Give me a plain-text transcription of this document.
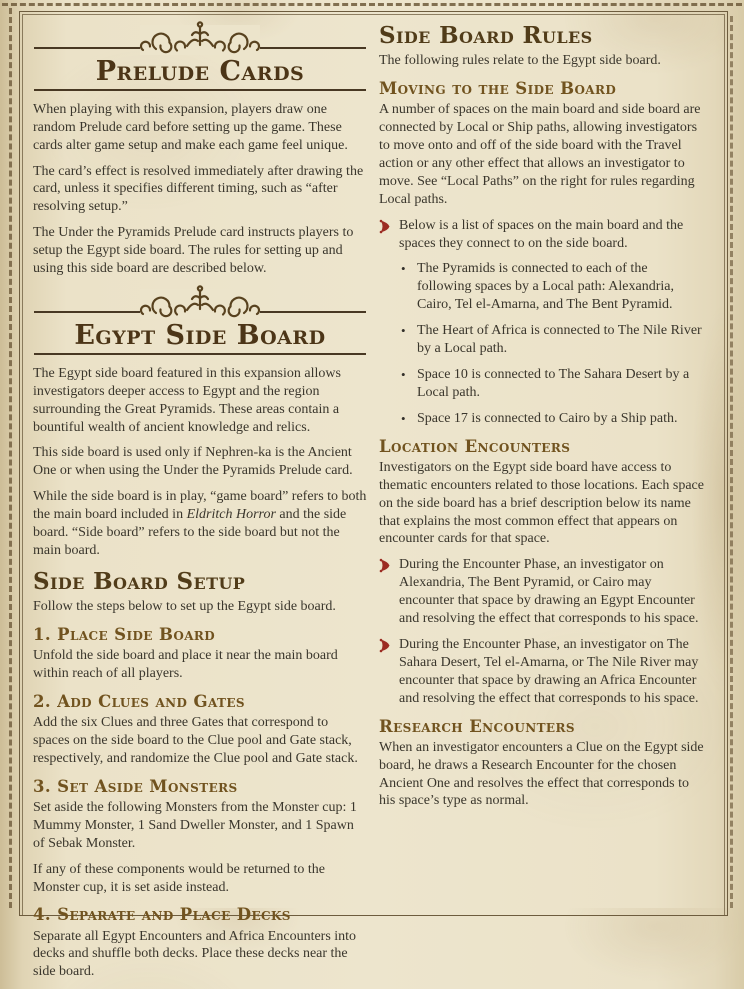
Prelude Cards

When playing with this expansion, players draw one random Prelude card before setting up the game. These cards alter game setup and make each game feel unique.

The card’s effect is resolved immediately after drawing the card, unless it specifies different timing, such as “after resolving setup.”

The Under the Pyramids Prelude card instructs players to setup the Egypt side board. The rules for setting up and using this side board are described below.

Egypt Side Board

The Egypt side board featured in this expansion allows investigators deeper access to Egypt and the region surrounding the Great Pyramids. These areas contain a bountiful wealth of ancient knowledge and relics.

This side board is used only if Nephren-ka is the Ancient One or when using the Under the Pyramids Prelude card.

While the side board is in play, “game board” refers to both the main board included in Eldritch Horror and the side board. “Side board” refers to the side board but not the main board.

Side Board Setup

Follow the steps below to set up the Egypt side board.

1. Place Side Board

Unfold the side board and place it near the main board within reach of all players.

2. Add Clues and Gates

Add the six Clues and three Gates that correspond to spaces on the side board to the Clue pool and Gate stack, respectively, and randomize the Clue pool and Gate stack.

3. Set Aside Monsters

Set aside the following Monsters from the Monster cup: 1 Mummy Monster, 1 Sand Dweller Monster, and 1 Spawn of Sebak Monster.

If any of these components would be returned to the Monster cup, it is set aside instead.

4. Separate and Place Decks

Separate all Egypt Encounters and Africa Encounters into decks and shuffle both decks. Place these decks near the side board.

Side Board Rules

The following rules relate to the Egypt side board.

Moving to the Side Board

A number of spaces on the main board and side board are connected by Local or Ship paths, allowing investigators to move onto and off of the side board with the Travel action or any other effect that allows an investigator to move. See “Local Paths” on the right for rules regarding Local paths.

Below is a list of spaces on the main board and the spaces they connect to on the side board.

• The Pyramids is connected to each of the following spaces by a Local path: Alexandria, Cairo, Tel el-Amarna, and The Bent Pyramid.

• The Heart of Africa is connected to The Nile River by a Local path.

• Space 10 is connected to The Sahara Desert by a Local path.

• Space 17 is connected to Cairo by a Ship path.

Location Encounters

Investigators on the Egypt side board have access to thematic encounters related to those locations. Each space on the side board has a brief description below its name that explains the most common effect that appears on encounter cards for that space.

During the Encounter Phase, an investigator on Alexandria, The Bent Pyramid, or Cairo may encounter that space by drawing an Egypt Encounter and resolving the effect that corresponds to his space.

During the Encounter Phase, an investigator on The Sahara Desert, Tel el-Amarna, or The Nile River may encounter that space by drawing an Africa Encounter and resolving the effect that corresponds to his space.

Research Encounters

When an investigator encounters a Clue on the Egypt side board, he draws a Research Encounter for the chosen Ancient One and resolves the effect that corresponds to his space’s type as normal.
